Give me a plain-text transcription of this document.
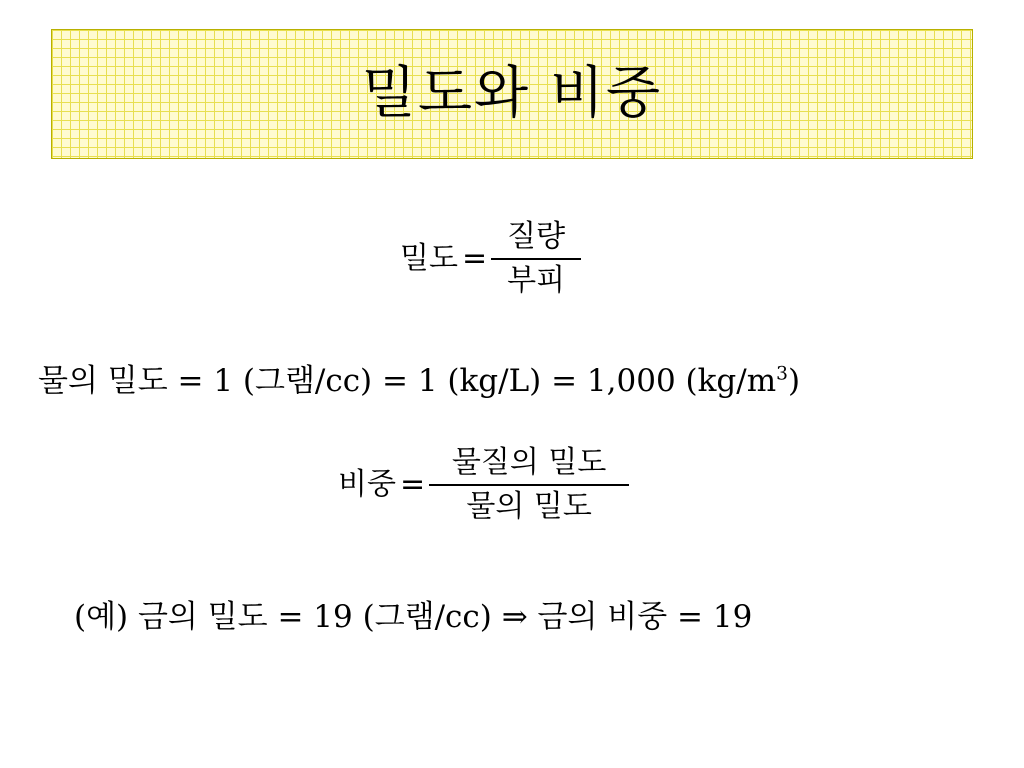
밀도와 비중
밀도 = $\frac{\text{질량}}{\text{부피}}$
물의 밀도 = 1 (그램/cc) = 1 (kg/L) = 1,000 $(kg/m^3)$
비중 = $\frac{\text{물질의 밀도}}{\text{물의 밀도}}$
(예) 금의 밀도 = 19 (그램/cc) ⇒ 금의 비중 = 19
